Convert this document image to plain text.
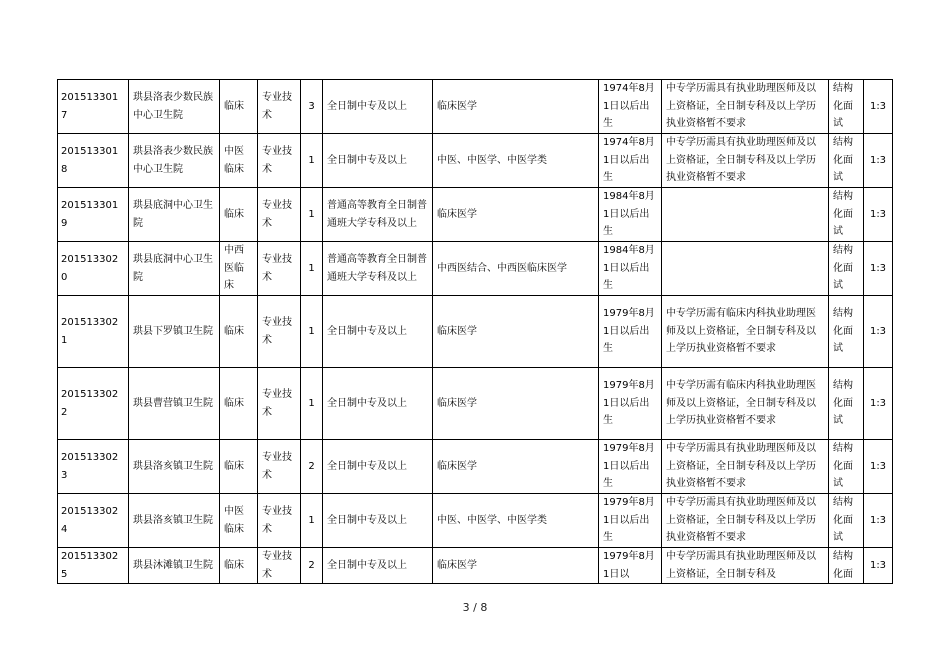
2015133017	珙县洛表少数民族中心卫生院	临床	专业技术	3	全日制中专及以上	临床医学	1974年8月1日以后出生	中专学历需具有执业助理医师及以上资格证，全日制专科及以上学历执业资格暂不要求	结构化面试	1:3
2015133018	珙县洛表少数民族中心卫生院	中医临床	专业技术	1	全日制中专及以上	中医、中医学、中医学类	1974年8月1日以后出生	中专学历需具有执业助理医师及以上资格证，全日制专科及以上学历执业资格暂不要求	结构化面试	1:3
2015133019	珙县底洞中心卫生院	临床	专业技术	1	普通高等教育全日制普通班大学专科及以上	临床医学	1984年8月1日以后出生		结构化面试	1:3
2015133020	珙县底洞中心卫生院	中西医临床	专业技术	1	普通高等教育全日制普通班大学专科及以上	中西医结合、中西医临床医学	1984年8月1日以后出生		结构化面试	1:3
2015133021	珙县下罗镇卫生院	临床	专业技术	1	全日制中专及以上	临床医学	1979年8月1日以后出生	中专学历需有临床内科执业助理医师及以上资格证，全日制专科及以上学历执业资格暂不要求	结构化面试	1:3
2015133022	珙县曹营镇卫生院	临床	专业技术	1	全日制中专及以上	临床医学	1979年8月1日以后出生	中专学历需有临床内科执业助理医师及以上资格证，全日制专科及以上学历执业资格暂不要求	结构化面试	1:3
2015133023	珙县洛亥镇卫生院	临床	专业技术	2	全日制中专及以上	临床医学	1979年8月1日以后出生	中专学历需具有执业助理医师及以上资格证，全日制专科及以上学历执业资格暂不要求	结构化面试	1:3
2015133024	珙县洛亥镇卫生院	中医临床	专业技术	1	全日制中专及以上	中医、中医学、中医学类	1979年8月1日以后出生	中专学历需具有执业助理医师及以上资格证，全日制专科及以上学历执业资格暂不要求	结构化面试	1:3
2015133025	珙县沐滩镇卫生院	临床	专业技术	2	全日制中专及以上	临床医学	1979年8月1日以	中专学历需具有执业助理医师及以上资格证，全日制专科及	结构化面	1:3
3 / 8
